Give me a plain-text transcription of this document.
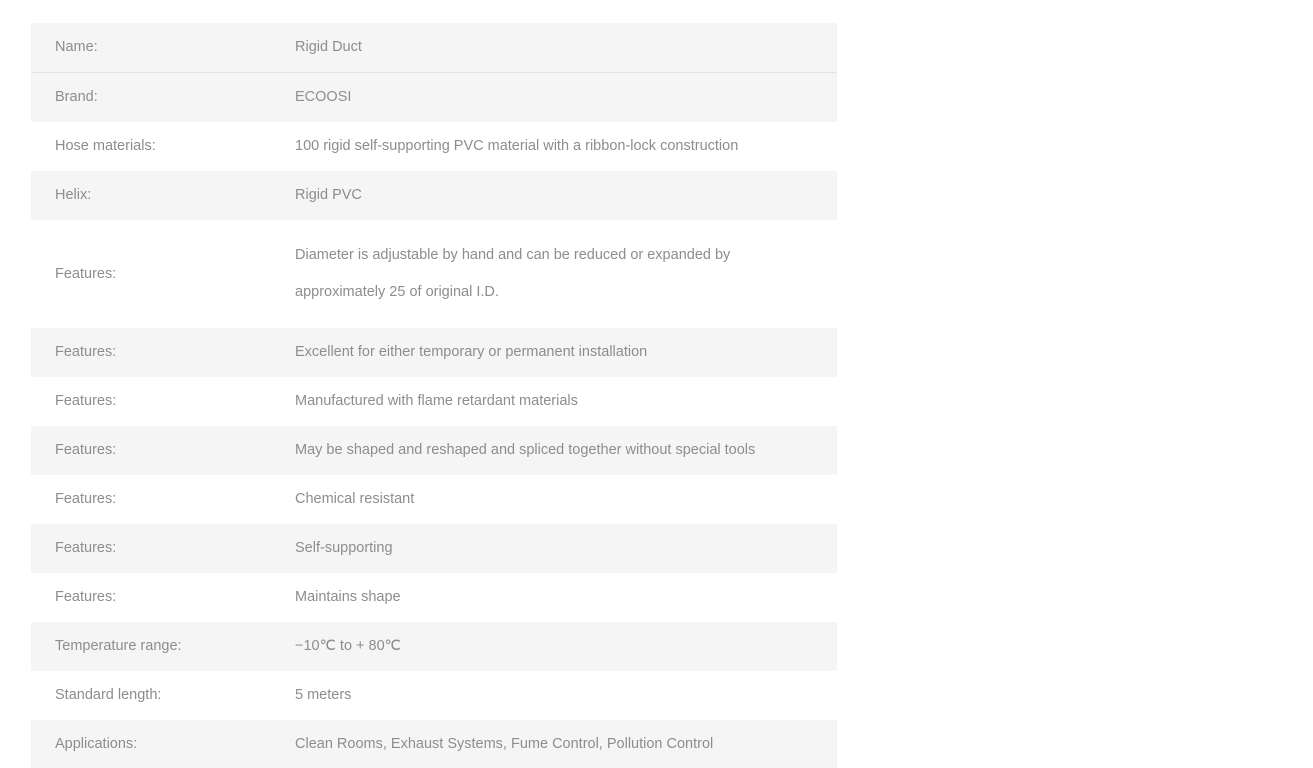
Name:	Rigid Duct
Brand:	ECOOSI
Hose materials:	100 rigid self-supporting PVC material with a ribbon-lock construction
Helix:	Rigid PVC
Features:	Diameter is adjustable by hand and can be reduced or expanded by approximately 25 of original I.D.
Features:	Excellent for either temporary or permanent installation
Features:	Manufactured with flame retardant materials
Features:	May be shaped and reshaped and spliced together without special tools
Features:	Chemical resistant
Features:	Self-supporting
Features:	Maintains shape
Temperature range:	−10℃ to + 80℃
Standard length:	5 meters
Applications:	Clean Rooms, Exhaust Systems, Fume Control, Pollution Control
